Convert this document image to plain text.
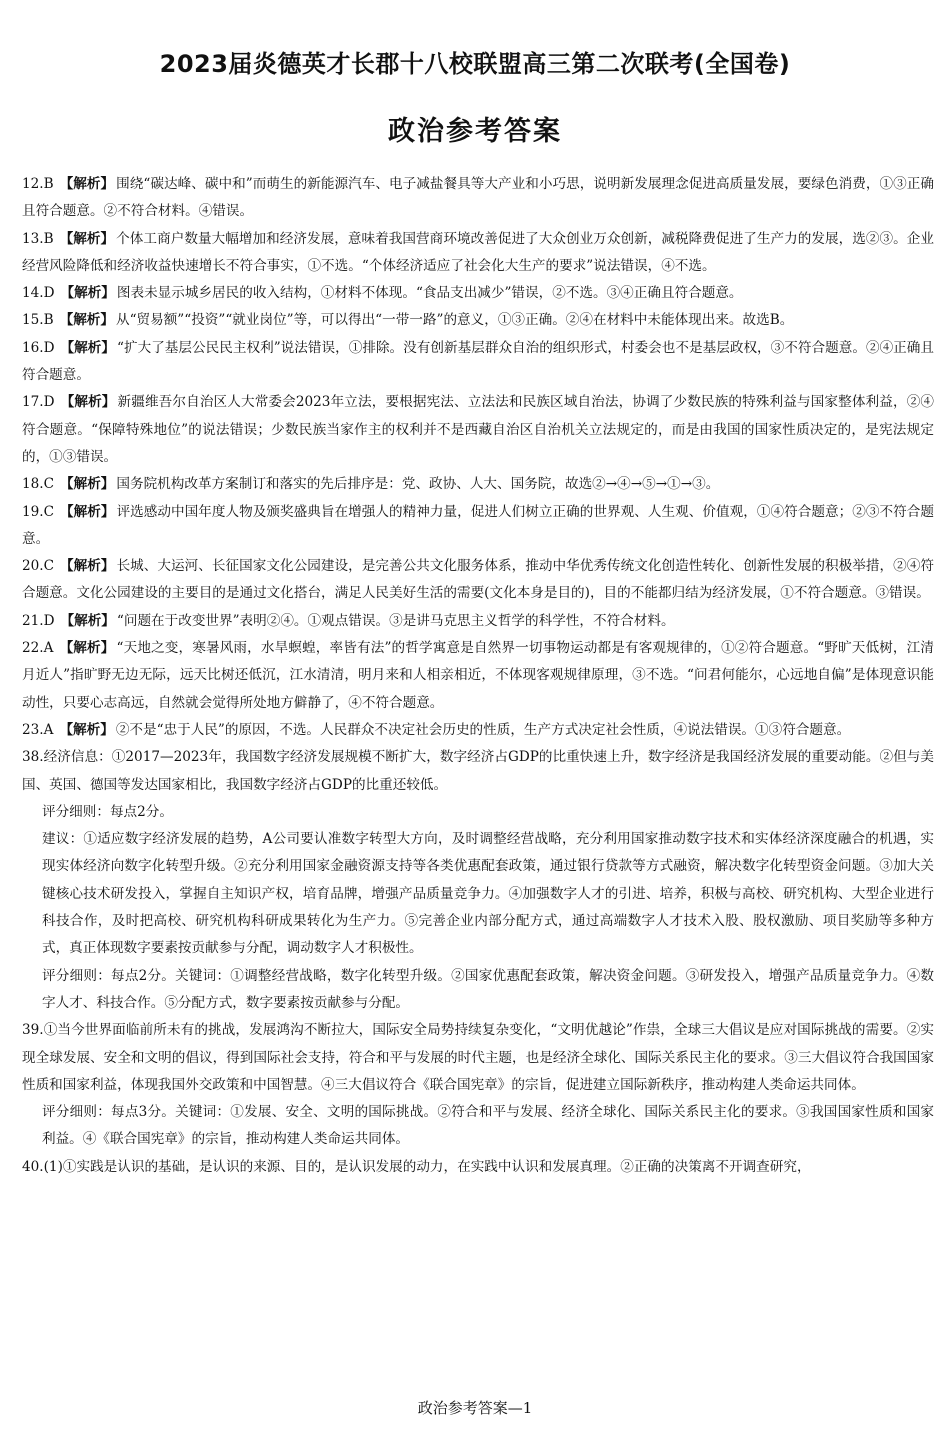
2023届炎德英才长郡十八校联盟高三第二次联考(全国卷)
政治参考答案

12.B 【解析】 围绕“碳达峰、碳中和”而萌生的新能源汽车、电子减盐餐具等大产业和小巧思，说明新发展理念促进高质量发展，要绿色消费，①③正确且符合题意。②不符合材料。④错误。

13.B 【解析】 个体工商户数量大幅增加和经济发展，意味着我国营商环境改善促进了大众创业万众创新，减税降费促进了生产力的发展，选②③。企业经营风险降低和经济收益快速增长不符合事实，①不选。“个体经济适应了社会化大生产的要求”说法错误，④不选。

14.D 【解析】 图表未显示城乡居民的收入结构，①材料不体现。“食品支出减少”错误，②不选。③④正确且符合题意。

15.B 【解析】 从“贸易额”“投资”“就业岗位”等，可以得出“一带一路”的意义，①③正确。②④在材料中未能体现出来。故选B。

16.D 【解析】 “扩大了基层公民民主权利”说法错误，①排除。没有创新基层群众自治的组织形式，村委会也不是基层政权，③不符合题意。②④正确且符合题意。

17.D 【解析】 新疆维吾尔自治区人大常委会2023年立法，要根据宪法、立法法和民族区域自治法，协调了少数民族的特殊利益与国家整体利益，②④符合题意。“保障特殊地位”的说法错误；少数民族当家作主的权利并不是西藏自治区自治机关立法规定的，而是由我国的国家性质决定的，是宪法规定的，①③错误。

18.C 【解析】 国务院机构改革方案制订和落实的先后排序是：党、政协、人大、国务院，故选②→④→⑤→①→③。

19.C 【解析】 评选感动中国年度人物及颁奖盛典旨在增强人的精神力量，促进人们树立正确的世界观、人生观、价值观，①④符合题意；②③不符合题意。

20.C 【解析】 长城、大运河、长征国家文化公园建设，是完善公共文化服务体系，推动中华优秀传统文化创造性转化、创新性发展的积极举措，②④符合题意。文化公园建设的主要目的是通过文化搭台，满足人民美好生活的需要(文化本身是目的)，目的不能都归结为经济发展，①不符合题意。③错误。

21.D 【解析】 “问题在于改变世界”表明②④。①观点错误。③是讲马克思主义哲学的科学性，不符合材料。

22.A 【解析】 “天地之变，寒暑风雨，水旱螟蝗，率皆有法”的哲学寓意是自然界一切事物运动都是有客观规律的，①②符合题意。“野旷天低树，江清月近人”指旷野无边无际，远天比树还低沉，江水清清，明月来和人相亲相近，不体现客观规律原理，③不选。“问君何能尔，心远地自偏”是体现意识能动性，只要心志高远，自然就会觉得所处地方僻静了，④不符合题意。

23.A 【解析】 ②不是“忠于人民”的原因，不选。人民群众不决定社会历史的性质，生产方式决定社会性质，④说法错误。①③符合题意。

38.经济信息：①2017—2023年，我国数字经济发展规模不断扩大，数字经济占GDP的比重快速上升，数字经济是我国经济发展的重要动能。②但与美国、英国、德国等发达国家相比，我国数字经济占GDP的比重还较低。

评分细则：每点2分。

建议：①适应数字经济发展的趋势，A公司要认准数字转型大方向，及时调整经营战略，充分利用国家推动数字技术和实体经济深度融合的机遇，实现实体经济向数字化转型升级。②充分利用国家金融资源支持等各类优惠配套政策，通过银行贷款等方式融资，解决数字化转型资金问题。③加大关键核心技术研发投入，掌握自主知识产权，培育品牌，增强产品质量竞争力。④加强数字人才的引进、培养，积极与高校、研究机构、大型企业进行科技合作，及时把高校、研究机构科研成果转化为生产力。⑤完善企业内部分配方式，通过高端数字人才技术入股、股权激励、项目奖励等多种方式，真正体现数字要素按贡献参与分配，调动数字人才积极性。

评分细则：每点2分。关键词：①调整经营战略，数字化转型升级。②国家优惠配套政策，解决资金问题。③研发投入，增强产品质量竞争力。④数字人才、科技合作。⑤分配方式，数字要素按贡献参与分配。

39.①当今世界面临前所未有的挑战，发展鸿沟不断拉大，国际安全局势持续复杂变化，“文明优越论”作祟，全球三大倡议是应对国际挑战的需要。②实现全球发展、安全和文明的倡议，得到国际社会支持，符合和平与发展的时代主题，也是经济全球化、国际关系民主化的要求。③三大倡议符合我国国家性质和国家利益，体现我国外交政策和中国智慧。④三大倡议符合《联合国宪章》的宗旨，促进建立国际新秩序，推动构建人类命运共同体。

评分细则：每点3分。关键词：①发展、安全、文明的国际挑战。②符合和平与发展、经济全球化、国际关系民主化的要求。③我国国家性质和国家利益。④《联合国宪章》的宗旨，推动构建人类命运共同体。

40.(1)①实践是认识的基础，是认识的来源、目的，是认识发展的动力，在实践中认识和发展真理。②正确的决策离不开调查研究，

政治参考答案—1
